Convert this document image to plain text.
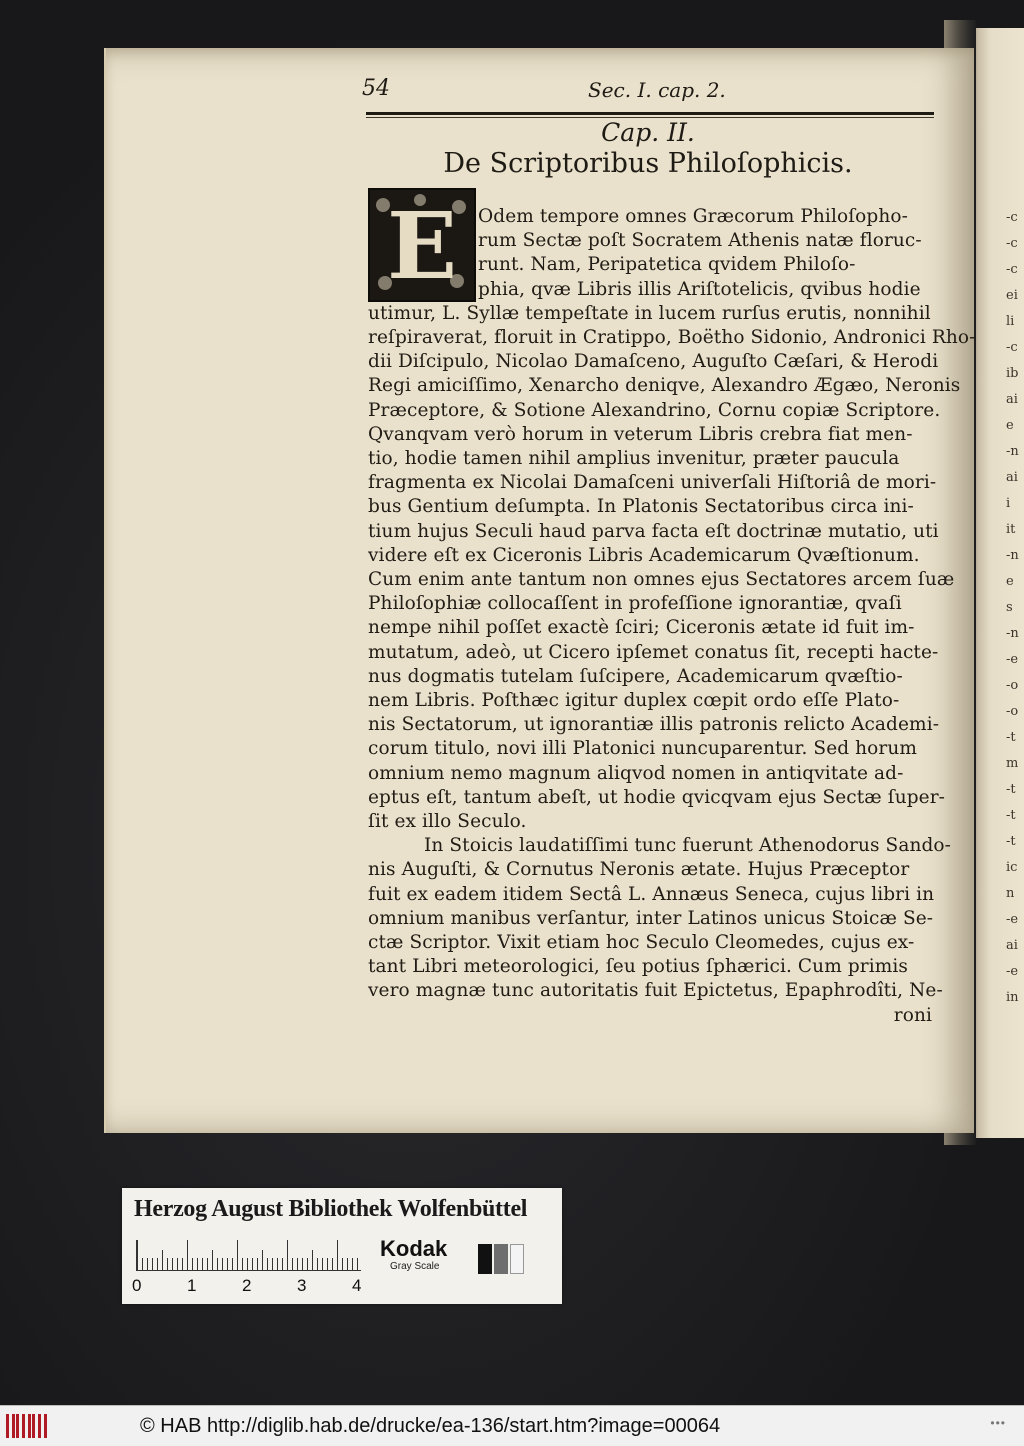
-c
-c
-c
ei
li
-c
ib
ai
e
-n
ai
i
it
-n
e
s
-n
-e
-o
-o
-t
m
-t
-t
-t
ic
n
-e
ai
-e
in
54	Sec. I. cap. 2.
Cap. II.
De Scriptoribus Philoſophicis.
E	Odem tempore omnes Græcorum Philoſopho-
rum Sectæ poſt Socratem Athenis natæ floruc-
runt. Nam, Peripatetica qvidem Philoſo-
phia, qvæ Libris illis Ariſtotelicis, qvibus hodie
utimur, L. Syllæ tempeſtate in lucem rurſus erutis, nonnihil
reſpiraverat, floruit in Cratippo, Boëtho Sidonio, Andronici Rho-
dii Diſcipulo, Nicolao Damaſceno, Auguſto Cæſari, & Herodi
Regi amiciſſimo, Xenarcho deniqve, Alexandro Ægæo, Neronis
Præceptore, & Sotione Alexandrino, Cornu copiæ Scriptore.
Qvanqvam verò horum in veterum Libris crebra fiat men-
tio, hodie tamen nihil amplius invenitur, præter paucula
fragmenta ex Nicolai Damaſceni univerſali Hiſtoriâ de mori-
bus Gentium deſumpta. In Platonis Sectatoribus circa ini-
tium hujus Seculi haud parva facta eſt doctrinæ mutatio, uti
videre eſt ex Ciceronis Libris Academicarum Qvæſtionum.
Cum enim ante tantum non omnes ejus Sectatores arcem ſuæ
Philoſophiæ collocaſſent in profeſſione ignorantiæ, qvaſi
nempe nihil poſſet exactè ſciri; Ciceronis ætate id fuit im-
mutatum, adeò, ut Cicero ipſemet conatus ſit, recepti hacte-
nus dogmatis tutelam ſuſcipere, Academicarum qvæſtio-
nem Libris. Poſthæc igitur duplex cœpit ordo eſſe Plato-
nis Sectatorum, ut ignorantiæ illis patronis relicto Academi-
corum titulo, novi illi Platonici nuncuparentur. Sed horum
omnium nemo magnum aliqvod nomen in antiqvitate ad-
eptus eſt, tantum abeſt, ut hodie qvicqvam ejus Sectæ ſuper-
ſit ex illo Seculo.
In Stoicis laudatiſſimi tunc fuerunt Athenodorus Sando-
nis Auguſti, & Cornutus Neronis ætate. Hujus Præceptor
fuit ex eadem itidem Sectâ L. Annæus Seneca, cujus libri in
omnium manibus verſantur, inter Latinos unicus Stoicæ Se-
ctæ Scriptor. Vixit etiam hoc Seculo Cleomedes, cujus ex-
tant Libri meteorologici, ſeu potius ſphærici. Cum primis
vero magnæ tunc autoritatis fuit Epictetus, Epaphrodîti, Ne-
roni
Herzog August Bibliothek Wolfenbüttel
0	1	2	3	4
Kodak
Gray Scale
© HAB http://diglib.hab.de/drucke/ea-136/start.htm?image=00064	•••
